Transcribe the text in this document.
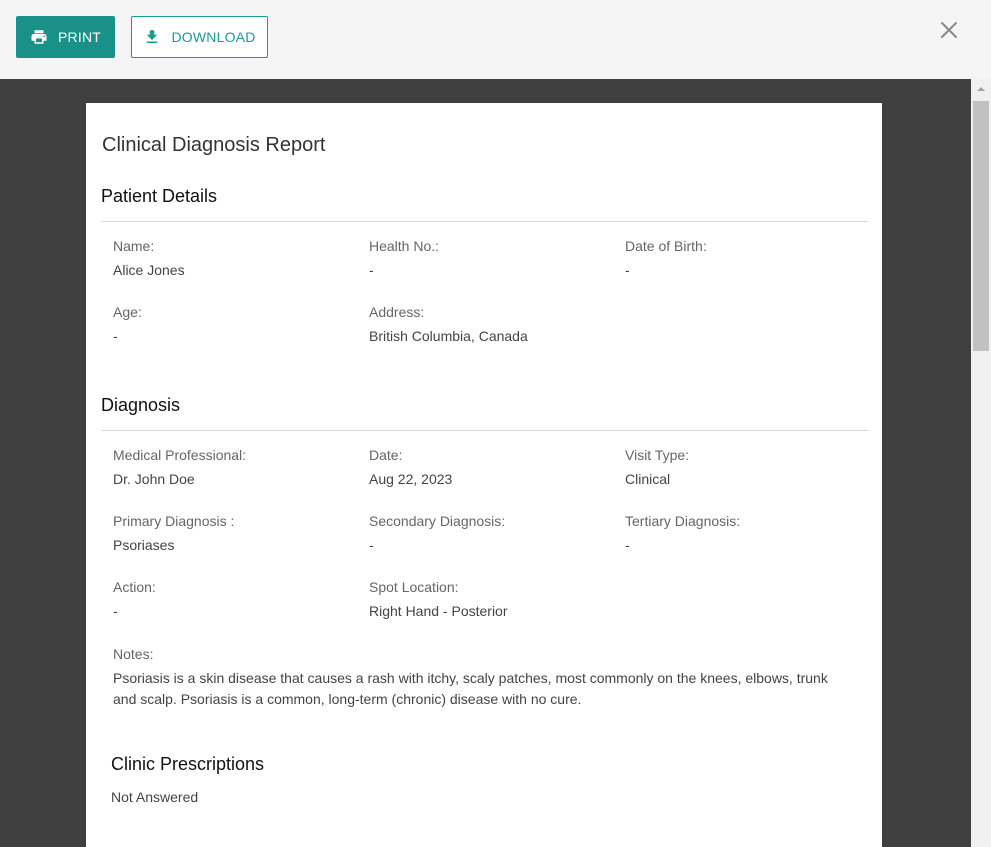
PRINT	DOWNLOAD
Clinical Diagnosis Report
Patient Details
Name:
Alice Jones
Health No.:
-
Date of Birth:
-
Age:
-
Address:
British Columbia, Canada
Diagnosis
Medical Professional:
Dr. John Doe
Date:
Aug 22, 2023
Visit Type:
Clinical
Primary Diagnosis :
Psoriases
Secondary Diagnosis:
-
Tertiary Diagnosis:
-
Action:
-
Spot Location:
Right Hand - Posterior
Notes:
Psoriasis is a skin disease that causes a rash with itchy, scaly patches, most commonly on the knees, elbows, trunk and scalp. Psoriasis is a common, long-term (chronic) disease with no cure.
Clinic Prescriptions
Not Answered
